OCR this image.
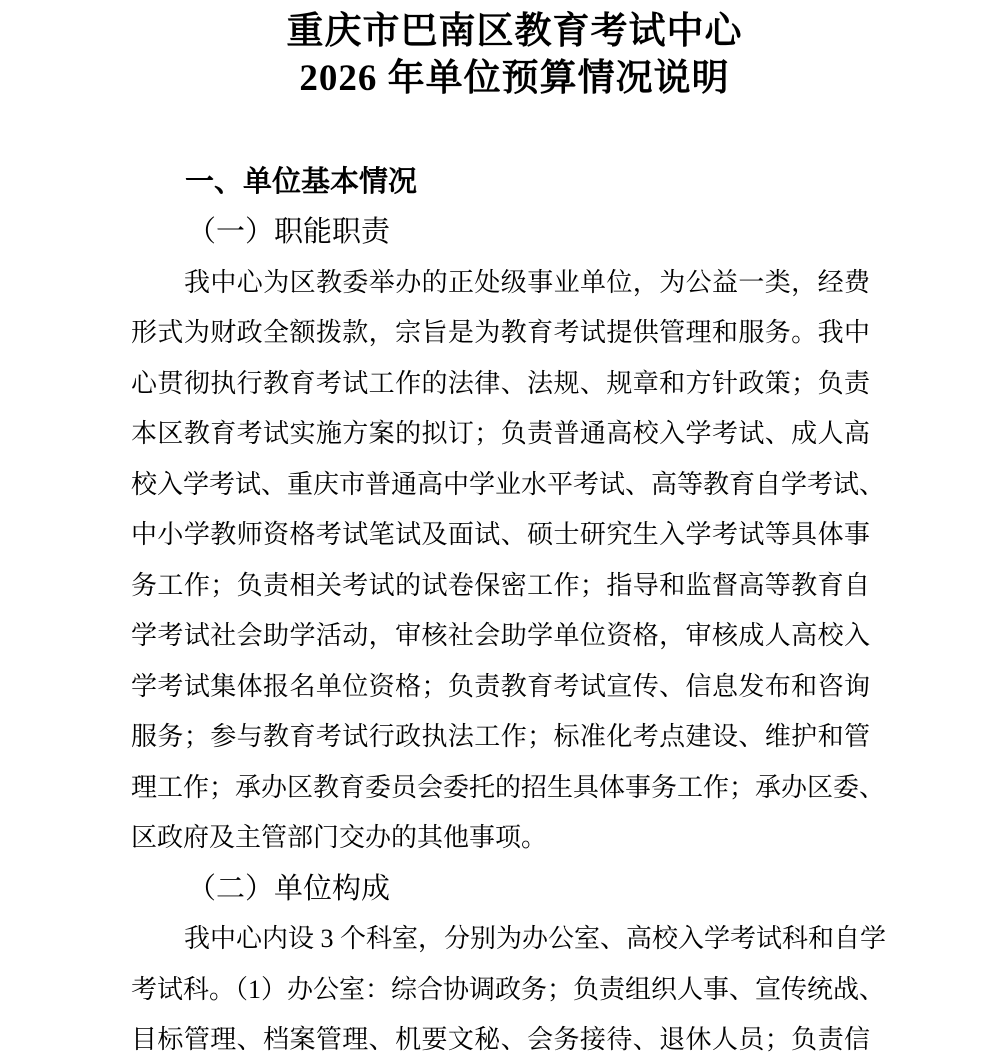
重庆市巴南区教育考试中心
2026 年单位预算情况说明
一、单位基本情况
（一）职能职责
我中心为区教委举办的正处级事业单位，为公益一类，经费
形式为财政全额拨款，宗旨是为教育考试提供管理和服务。我中
心贯彻执行教育考试工作的法律、法规、规章和方针政策；负责
本区教育考试实施方案的拟订；负责普通高校入学考试、成人高
校入学考试、重庆市普通高中学业水平考试、高等教育自学考试、
中小学教师资格考试笔试及面试、硕士研究生入学考试等具体事
务工作；负责相关考试的试卷保密工作；指导和监督高等教育自
学考试社会助学活动，审核社会助学单位资格，审核成人高校入
学考试集体报名单位资格；负责教育考试宣传、信息发布和咨询
服务；参与教育考试行政执法工作；标准化考点建设、维护和管
理工作；承办区教育委员会委托的招生具体事务工作；承办区委、
区政府及主管部门交办的其他事项。
（二）单位构成
我中心内设 3 个科室，分别为办公室、高校入学考试科和自学
考试科。（1）办公室：综合协调政务；负责组织人事、宣传统战、
目标管理、档案管理、机要文秘、会务接待、退休人员；负责信
